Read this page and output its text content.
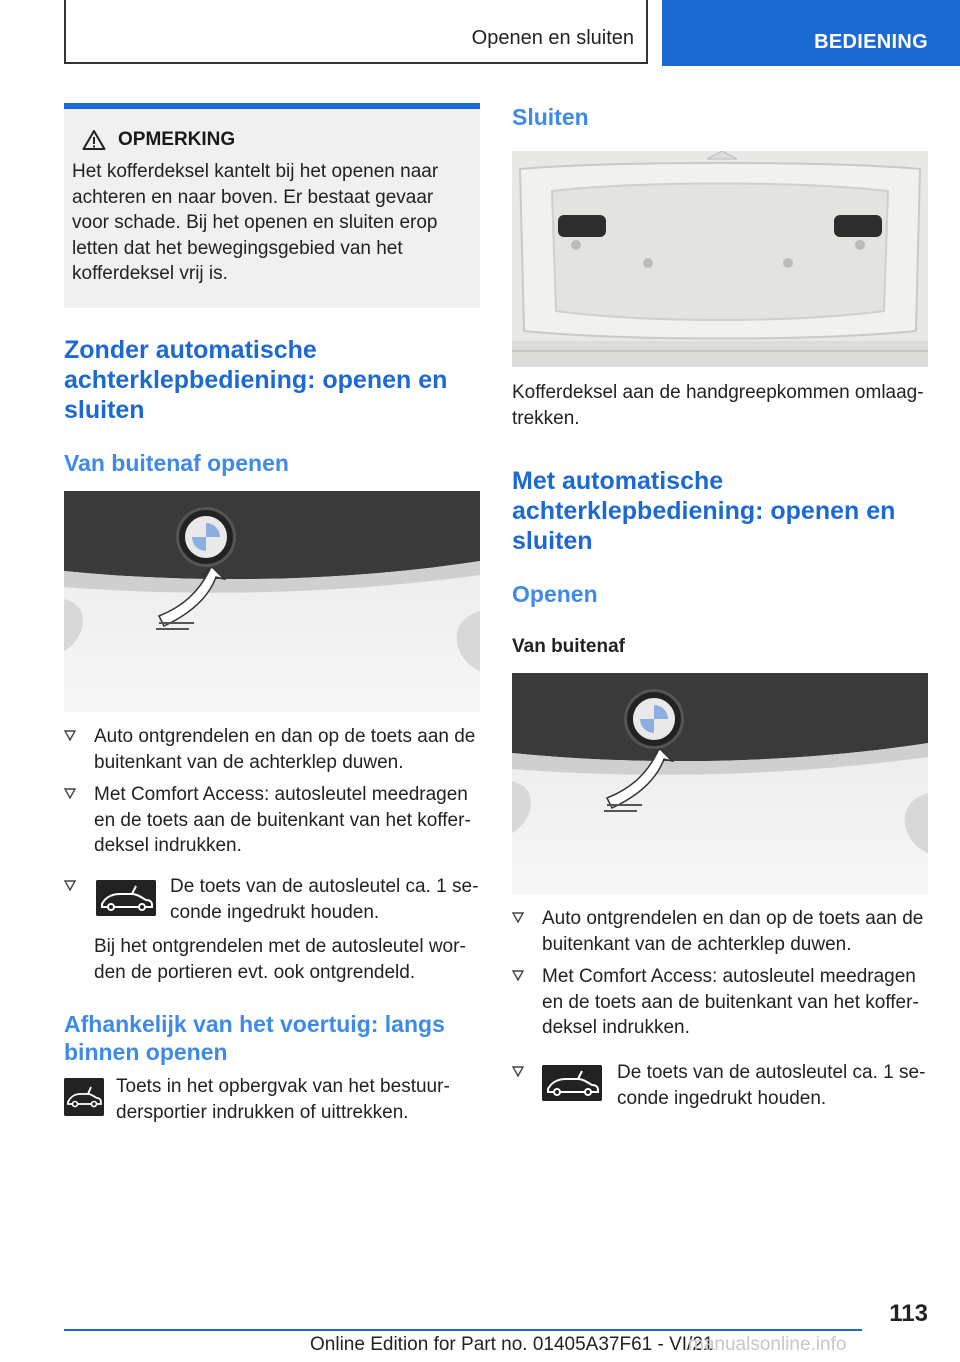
Openen en sluiten	BEDIENING
OPMERKING
Het kofferdeksel kantelt bij het openen naar achteren en naar boven. Er bestaat gevaar voor schade. Bij het openen en sluiten erop letten dat het bewegingsgebied van het kofferdeksel vrij is.
Zonder automatische achterklepbediening: openen en sluiten
Van buitenaf openen
Auto ontgrendelen en dan op de toets aan de buitenkant van de achterklep duwen.
Met Comfort Access: autosleutel meedragen en de toets aan de buitenkant van het kofferdeksel indrukken.
De toets van de autosleutel ca. 1 seconde ingedrukt houden.
Bij het ontgrendelen met de autosleutel worden de portieren evt. ook ontgrendeld.
Afhankelijk van het voertuig: langs binnen openen
Toets in het opbergvak van het bestuurdersportier indrukken of uittrekken.
Sluiten
Kofferdeksel aan de handgreepkommen omlaagtrekken.
Met automatische achterklepbediening: openen en sluiten
Openen
Van buitenaf
Auto ontgrendelen en dan op de toets aan de buitenkant van de achterklep duwen.
Met Comfort Access: autosleutel meedragen en de toets aan de buitenkant van het kofferdeksel indrukken.
De toets van de autosleutel ca. 1 seconde ingedrukt houden.
113
Online Edition for Part no. 01405A37F61 - VI/21
manualsonline.info
